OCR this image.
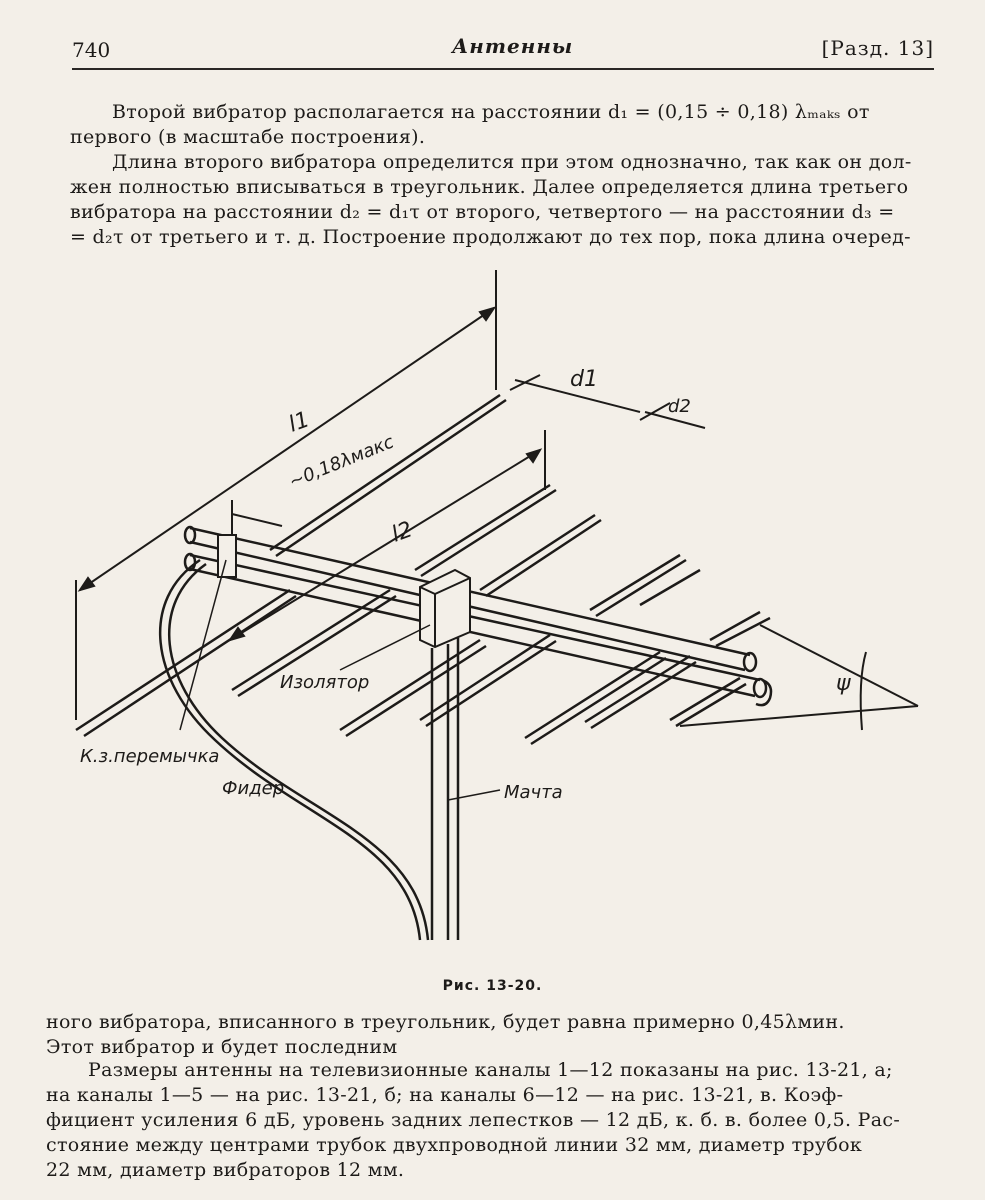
740	Антенны	[Разд. 13]
Второй вибратор располагается на расстоянии d₁ = (0,15 ÷ 0,18) λₘₐₖₛ от
первого (в масштабе построения).
Длина второго вибратора определится при этом однозначно, так как он дол-
жен полностью вписываться в треугольник. Далее определяется длина третьего
вибратора на расстоянии d₂ = d₁τ от второго, четвертого — на расстоянии d₃ =
= d₂τ от третьего и т. д. Построение продолжают до тех пор, пока длина очеред-
l1
l2
d1
d2
~0,18λмакс
Изолятор
К.з.перемычка
Фидер	Мачта
ψ
Рис. 13-20.
ного вибратора, вписанного в треугольник, будет равна примерно 0,45λмин.
Этот вибратор и будет последним
Размеры антенны на телевизионные каналы 1—12 показаны на рис. 13-21, а;
на каналы 1—5 — на рис. 13-21, б; на каналы 6—12 — на рис. 13-21, в. Коэф-
фициент усиления 6 дБ, уровень задних лепестков — 12 дБ, к. б. в. более 0,5. Рас-
стояние между центрами трубок двухпроводной линии 32 мм, диаметр трубок
22 мм, диаметр вибраторов 12 мм.
